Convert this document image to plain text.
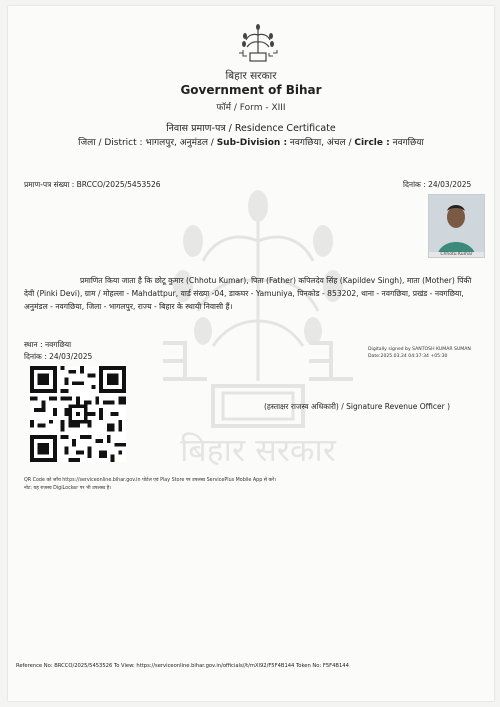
बिहार सरकार
बिहार सरकार
Government of Bihar
फॉर्म / Form - XIII
निवास प्रमाण-पत्र / Residence Certificate
जिला / District : भागलपुर, अनुमंडल / Sub-Division : नवगछिया, अंचल / Circle : नवगछिया
प्रमाण-पत्र संख्या : BRCCO/2025/5453526	दिनांक : 24/03/2025
Chhotu Kumar
प्रमाणित किया जाता है कि छोटू कुमार (Chhotu Kumar), पिता (Father) कपिलदेव सिंह (Kapildev Singh), माता (Mother) पिंकी देवी (Pinki Devi), ग्राम / मोहल्ला - Mahdattpur, वार्ड संख्या -04, डाकघर - Yamuniya, पिनकोड - 853202, थाना - नवगछिया, प्रखंड - नवगछिया, अनुमंडल - नवगछिया, जिला - भागलपुर, राज्य - बिहार के स्थायी निवासी हैं।
स्थान : नवगछिया
दिनांक : 24/03/2025
Digitally signed by SANTOSH KUMAR SUMAN
Date:2025.03.24 04:37:34 +05:30
(हस्ताक्षर राजस्व अधिकारी) / Signature Revenue Officer )
QR Code को जाँच https://serviceonline.bihar.gov.in पोर्टल एवं Play Store पर उपलब्ध ServicePlus Mobile App से करें।
नोट: यह राजस्व DigiLocker पर भी उपलब्ध है।
Reference No: BRCCO/2025/5453526 To View: https://serviceonline.bihar.gov.in/officials//t/mXl92/F5F4B144 Token No: F5F4B144
